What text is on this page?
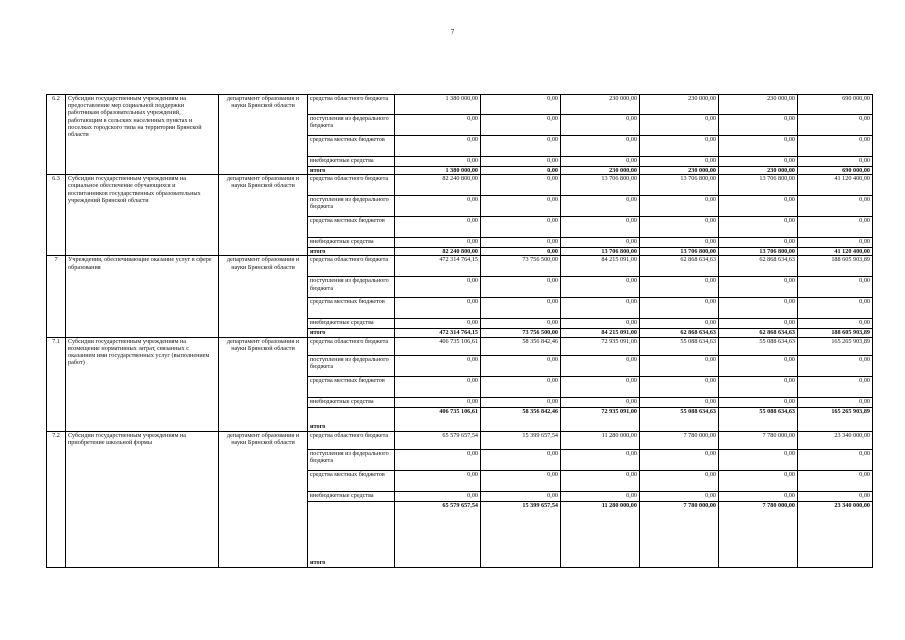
7
6.2	Субсидии государственным учреждениям на предоставление мер социальной поддержки работникам образовательных учреждений, работающим в сельских населенных пунктах и поселках городского типа на территории Брянской области	департамент образования и науки Брянской области	средства областного бюджета	1 380 000,00	0,00	230 000,00	230 000,00	230 000,00	690 000,00
			поступления из федерального бюджета	0,00	0,00	0,00	0,00	0,00	0,00
			средства местных бюджетов	0,00	0,00	0,00	0,00	0,00	0,00
			внебюджетные средства	0,00	0,00	0,00	0,00	0,00	0,00
			итого	1 380 000,00	0,00	230 000,00	230 000,00	230 000,00	690 000,00
6.3	Субсидии государственным учреждениям на социальное обеспечение обучающихся и воспитанников государственных образовательных учреждений Брянской области	департамент образования и науки Брянской области	средства областного бюджета	82 240 800,00	0,00	13 706 800,00	13 706 800,00	13 706 800,00	41 120 400,00
			поступления из федерального бюджета	0,00	0,00	0,00	0,00	0,00	0,00
			средства местных бюджетов	0,00	0,00	0,00	0,00	0,00	0,00
			внебюджетные средства	0,00	0,00	0,00	0,00	0,00	0,00
			итого	82 240 800,00	0,00	13 706 800,00	13 706 800,00	13 706 800,00	41 120 400,00
7	Учреждения, обеспечивающие оказание услуг в сфере образования	департамент образования и науки Брянской области	средства областного бюджета	472 314 764,15	73 756 500,00	84 215 091,00	62 868 634,63	62 868 634,63	188 605 903,89
			поступления из федерального бюджета	0,00	0,00	0,00	0,00	0,00	0,00
			средства местных бюджетов	0,00	0,00	0,00	0,00	0,00	0,00
			внебюджетные средства	0,00	0,00	0,00	0,00	0,00	0,00
			итого	472 314 764,15	73 756 500,00	84 215 091,00	62 868 634,63	62 868 634,63	188 605 903,89
7.1	Субсидии государственным учреждениям на возмещение нормативных затрат, связанных с оказанием ими государственных услуг (выполнением работ)	департамент образования и науки Брянской области	средства областного бюджета	406 735 106,61	58 356 842,46	72 935 091,00	55 088 634,63	55 088 634,63	165 265 903,89
			поступления из федерального бюджета	0,00	0,00	0,00	0,00	0,00	0,00
			средства местных бюджетов	0,00	0,00	0,00	0,00	0,00	0,00
			внебюджетные средства	0,00	0,00	0,00	0,00	0,00	0,00
			итого	406 735 106,61	58 356 842,46	72 935 091,00	55 088 634,63	55 088 634,63	165 265 903,89
7.2	Субсидии государственным учреждениям на приобретение школьной формы	департамент образования и науки Брянской области	средства областного бюджета	65 579 657,54	15 399 657,54	11 280 000,00	7 780 000,00	7 780 000,00	23 340 000,00
			поступления из федерального бюджета	0,00	0,00	0,00	0,00	0,00	0,00
			средства местных бюджетов	0,00	0,00	0,00	0,00	0,00	0,00
			внебюджетные средства	0,00	0,00	0,00	0,00	0,00	0,00
			итого	65 579 657,54	15 399 657,54	11 280 000,00	7 780 000,00	7 780 000,00	23 340 000,00
